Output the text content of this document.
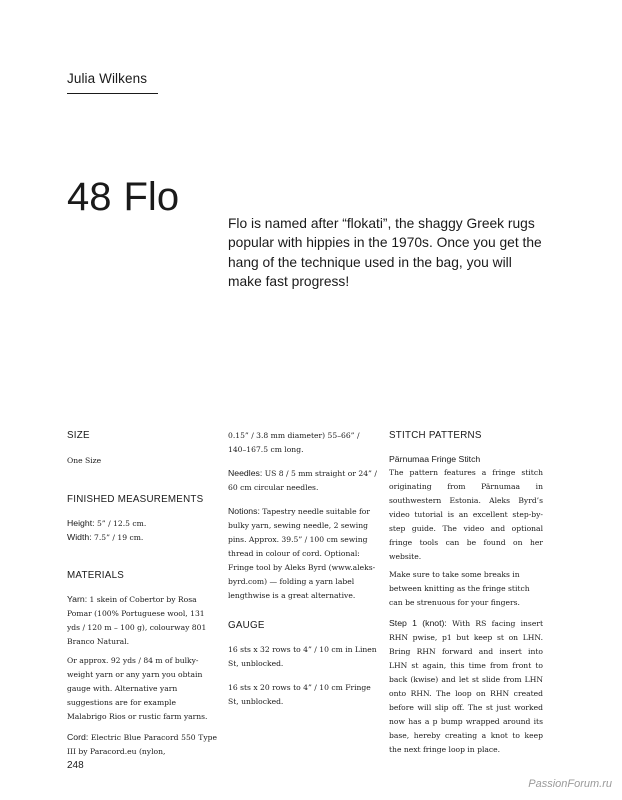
Julia Wilkens
48 Flo
Flo is named after “flokati”, the shaggy Greek rugs popular with hippies in the 1970s. Once you get the hang of the technique used in the bag, you will make fast progress!
SIZE
One Size
FINISHED MEASUREMENTS
Height: 5” / 12.5 cm.
Width: 7.5” / 19 cm.
MATERIALS
Yarn: 1 skein of Cobertor by Rosa Pomar (100% Portuguese wool, 131 yds / 120 m – 100 g), colourway 801 Branco Natural.
Or approx. 92 yds / 84 m of bulky-weight yarn or any yarn you obtain gauge with. Alternative yarn suggestions are for example Malabrigo Rios or rustic farm yarns.
Cord: Electric Blue Paracord 550 Type III by Paracord.eu (nylon,
0.15” / 3.8 mm diameter) 55–66” / 140–167.5 cm long.
Needles: US 8 / 5 mm straight or 24” / 60 cm circular needles.
Notions: Tapestry needle suitable for bulky yarn, sewing needle, 2 sewing pins. Approx. 39.5” / 100 cm sewing thread in colour of cord. Optional: Fringe tool by Aleks Byrd (www.aleks-byrd.com) — folding a yarn label lengthwise is a great alternative.
GAUGE
16 sts x 32 rows to 4” / 10 cm in Linen St, unblocked.
16 sts x 20 rows to 4” / 10 cm Fringe St, unblocked.
STITCH PATTERNS
Pärnumaa Fringe Stitch
The pattern features a fringe stitch originating from Pärnumaa in southwestern Estonia. Aleks Byrd’s video tutorial is an excellent step-by-step guide. The video and optional fringe tools can be found on her website.
Make sure to take some breaks in between knitting as the fringe stitch can be strenuous for your fingers.
Step 1 (knot): With RS facing insert RHN pwise, p1 but keep st on LHN. Bring RHN forward and insert into LHN st again, this time from front to back (kwise) and let st slide from LHN onto RHN. The loop on RHN created before will slip off. The st just worked now has a p bump wrapped around its base, hereby creating a knot to keep the next fringe loop in place.
248
PassionForum.ru
